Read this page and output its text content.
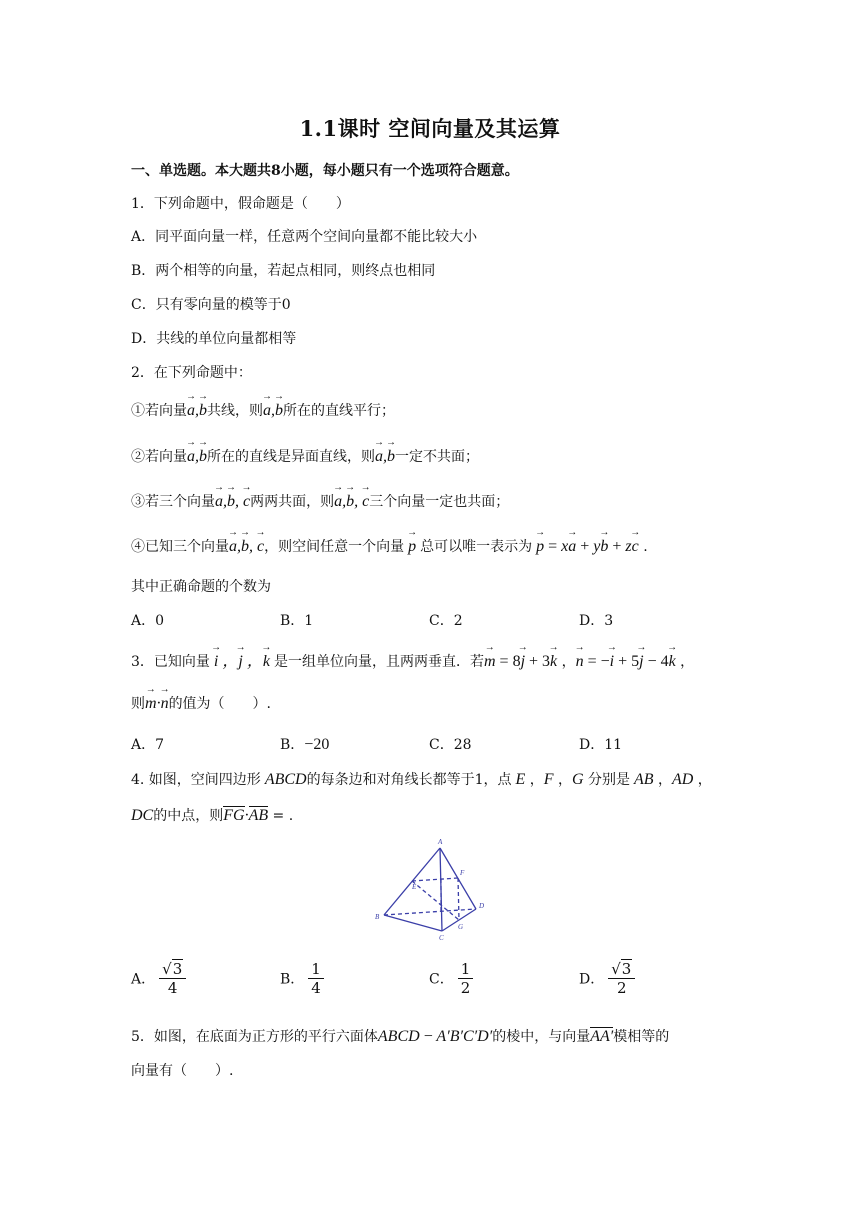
1.1课时 空间向量及其运算
一、单选题。本大题共8小题，每小题只有一个选项符合题意。
1．下列命题中，假命题是（　　）
A．同平面向量一样，任意两个空间向量都不能比较大小
B．两个相等的向量，若起点相同，则终点也相同
C．只有零向量的模等于0
D．共线的单位向量都相等
2．在下列命题中：
①若向量→ a,→ b共线，则→ a,→ b所在的直线平行；
②若向量→ a,→ b所在的直线是异面直线，则→ a,→ b一定不共面；
③若三个向量→ a,→ b, → c两两共面，则→ a,→ b, → c三个向量一定也共面；
④已知三个向量→ a,→ b, → c，则空间任意一个向量 → p 总可以唯一表示为 → p = x→ a + y→ b + z→ c .
其中正确命题的个数为
A．0	B．1	C．2	D．3
3．已知向量 → i ，→ j ，→ k 是一组单位向量，且两两垂直．若→ m = 8→ j + 3→ k ，→ n = −→ i + 5→ j − 4→ k ，
则→ m·→ n的值为（　　）.
A．7	B．−20	C．28	D．11
4. 如图，空间四边形 ABCD的每条边和对角线长都等于1，点 E ，F ，G 分别是 AB ，AD ，
DC的中点，则FG·AB = .
A
B
C
D
E
F
G
A． $\frac{√3}{4}$	B． $\frac{1}{4}$	C． $\frac{1}{2}$	D． $\frac{√3}{2}$
5．如图，在底面为正方形的平行六面体ABCD − A′B′C′D′的棱中，与向量AA′模相等的
向量有（　　）.
